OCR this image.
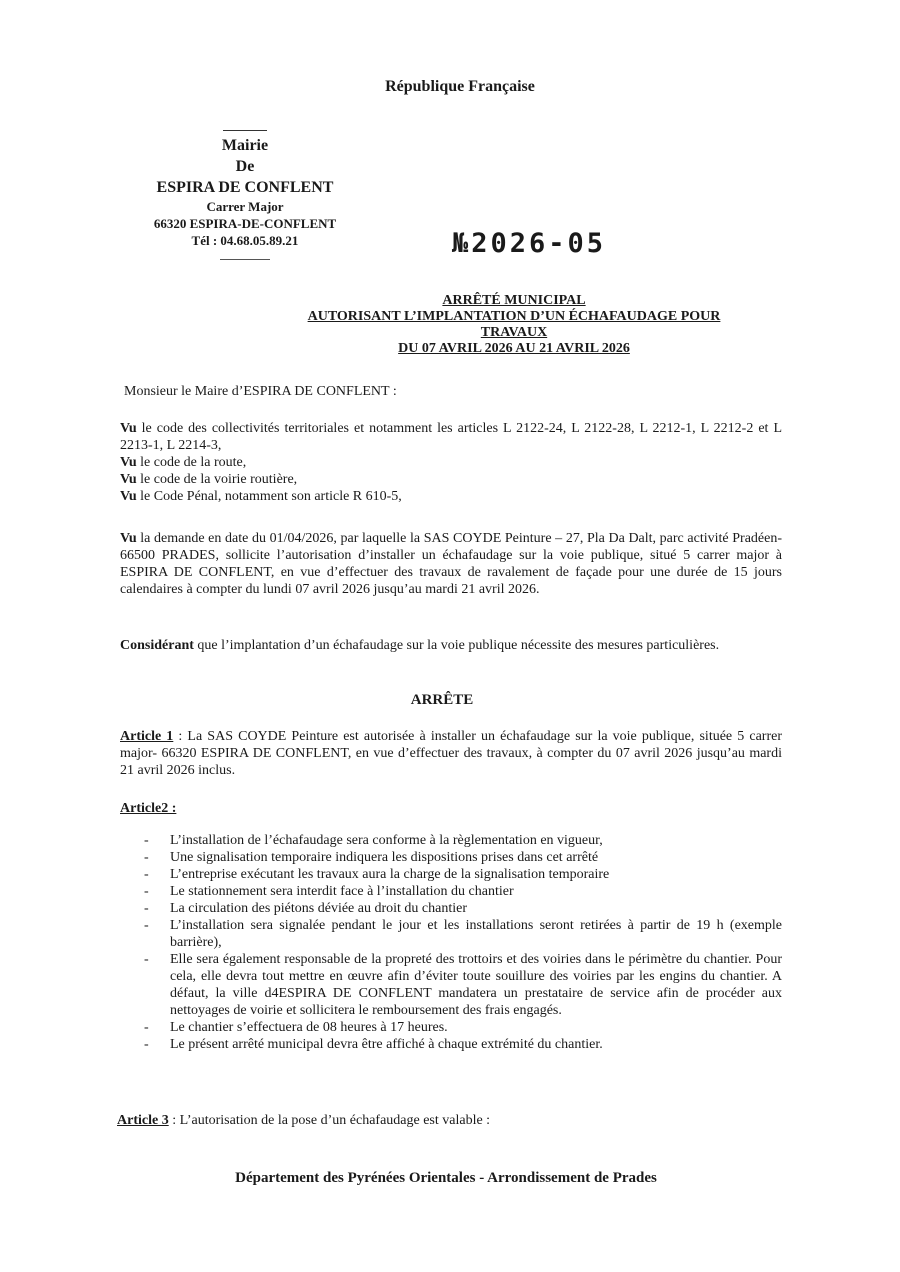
République Française
Mairie
De
ESPIRA DE CONFLENT
Carrer Major
66320 ESPIRA-DE-CONFLENT
Tél : 04.68.05.89.21	№2026-05
ARRÊTÉ MUNICIPAL
AUTORISANT L’IMPLANTATION D’UN ÉCHAFAUDAGE POUR
TRAVAUX
DU 07 AVRIL 2026 AU 21 AVRIL 2026
Monsieur le Maire d’ESPIRA DE CONFLENT :
Vu le code des collectivités territoriales et notamment les articles L 2122-24, L 2122-28, L 2212-1, L 2212-2 et L 2213-1, L 2214-3,
Vu le code de la route,
Vu le code de la voirie routière,
Vu le Code Pénal, notamment son article R 610-5,
Vu la demande en date du 01/04/2026, par laquelle la SAS COYDE Peinture – 27, Pla Da Dalt, parc activité Pradéen-66500 PRADES, sollicite l’autorisation d’installer un échafaudage sur la voie publique, situé 5 carrer major à ESPIRA DE CONFLENT, en vue d’effectuer des travaux de ravalement de façade pour une durée de 15 jours calendaires à compter du lundi 07 avril 2026 jusqu’au mardi 21 avril 2026.
Considérant que l’implantation d’un échafaudage sur la voie publique nécessite des mesures particulières.
ARRÊTE
Article 1 : La SAS COYDE Peinture est autorisée à installer un échafaudage sur la voie publique, située 5 carrer major- 66320 ESPIRA DE CONFLENT, en vue d’effectuer des travaux, à compter du 07 avril 2026 jusqu’au mardi 21 avril 2026 inclus.
Article2 :
- L’installation de l’échafaudage sera conforme à la règlementation en vigueur,
- Une signalisation temporaire indiquera les dispositions prises dans cet arrêté
- L’entreprise exécutant les travaux aura la charge de la signalisation temporaire
- Le stationnement sera interdit face à l’installation du chantier
- La circulation des piétons déviée au droit du chantier
- L’installation sera signalée pendant le jour et les installations seront retirées à partir de 19 h (exemple barrière),
- Elle sera également responsable de la propreté des trottoirs et des voiries dans le périmètre du chantier. Pour cela, elle devra tout mettre en œuvre afin d’éviter toute souillure des voiries par les engins du chantier. A défaut, la ville d4ESPIRA DE CONFLENT mandatera un prestataire de service afin de procéder aux nettoyages de voirie et sollicitera le remboursement des frais engagés.
- Le chantier s’effectuera de 08 heures à 17 heures.
- Le présent arrêté municipal devra être affiché à chaque extrémité du chantier.
Article 3 : L’autorisation de la pose d’un échafaudage est valable :
Département des Pyrénées Orientales - Arrondissement de Prades
